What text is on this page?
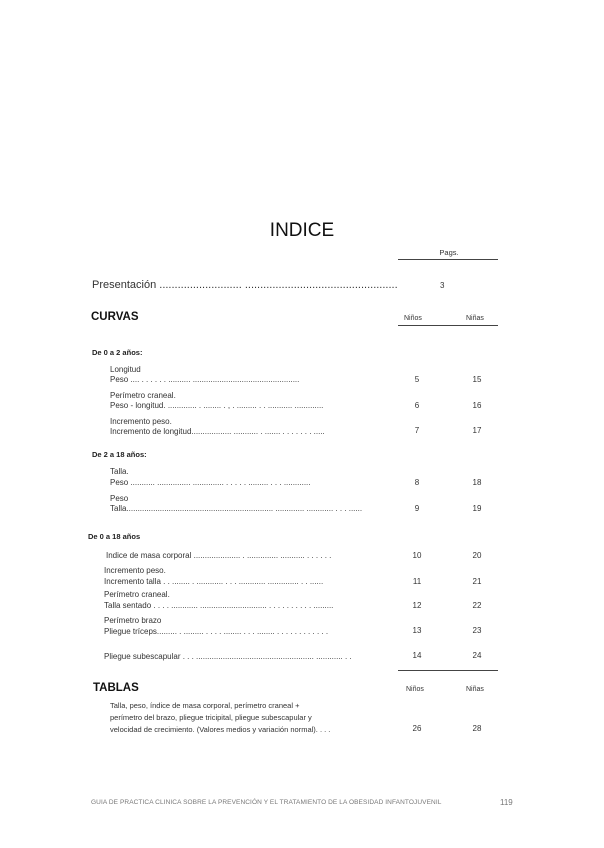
INDICE
Pags.
Presentación ........................... ..................................................	3
CURVAS	Niños	Niñas
De 0 a 2 años:
Longitud
Peso .... . . . . . . .......... ................................................	5	15
Perímetro craneal.
Peso - longitud. ............. . ........ . , . ......... . . ........... .............	6	16
Incremento peso.
Incremento de longitud.................. ........... . ....... . . . . . . . .....	7	17
De 2 a 18 años:
Talla.
Peso ........... ............... .............. . . . . . ......... . . . ............	8	18
Peso
Talla.................................................................. ............. ............ . . . ......	9	19
De 0 a 18 años
Indice de masa corporal ..................... . .............. ........... . . . . . .	10	20
Incremento peso.
Incremento talla . . ........ . ............ . . . ............ .............. . . ......	11	21
Perímetro craneal.
Talla sentado . . . . ............ .............................. . . . . . . . . . . .........	12	22
Perímetro brazo
Pliegue tríceps......... . ......... . . . . ........ . . . ........ . . . . . . . . . . . .	13	23
Pliegue subescapular . . . ..................................................... ............ . .	14	24
TABLAS	Niños	Niñas
Talla, peso, índice de masa corporal, perímetro craneal +
perímetro del brazo, pliegue tricipital, pliegue subescapular y
velocidad de crecimiento. (Valores medios y variación normal). . . .	26	28
GUIA DE PRACTICA CLINICA SOBRE LA PREVENCIÓN Y EL TRATAMIENTO DE LA OBESIDAD INFANTOJUVENIL	119
